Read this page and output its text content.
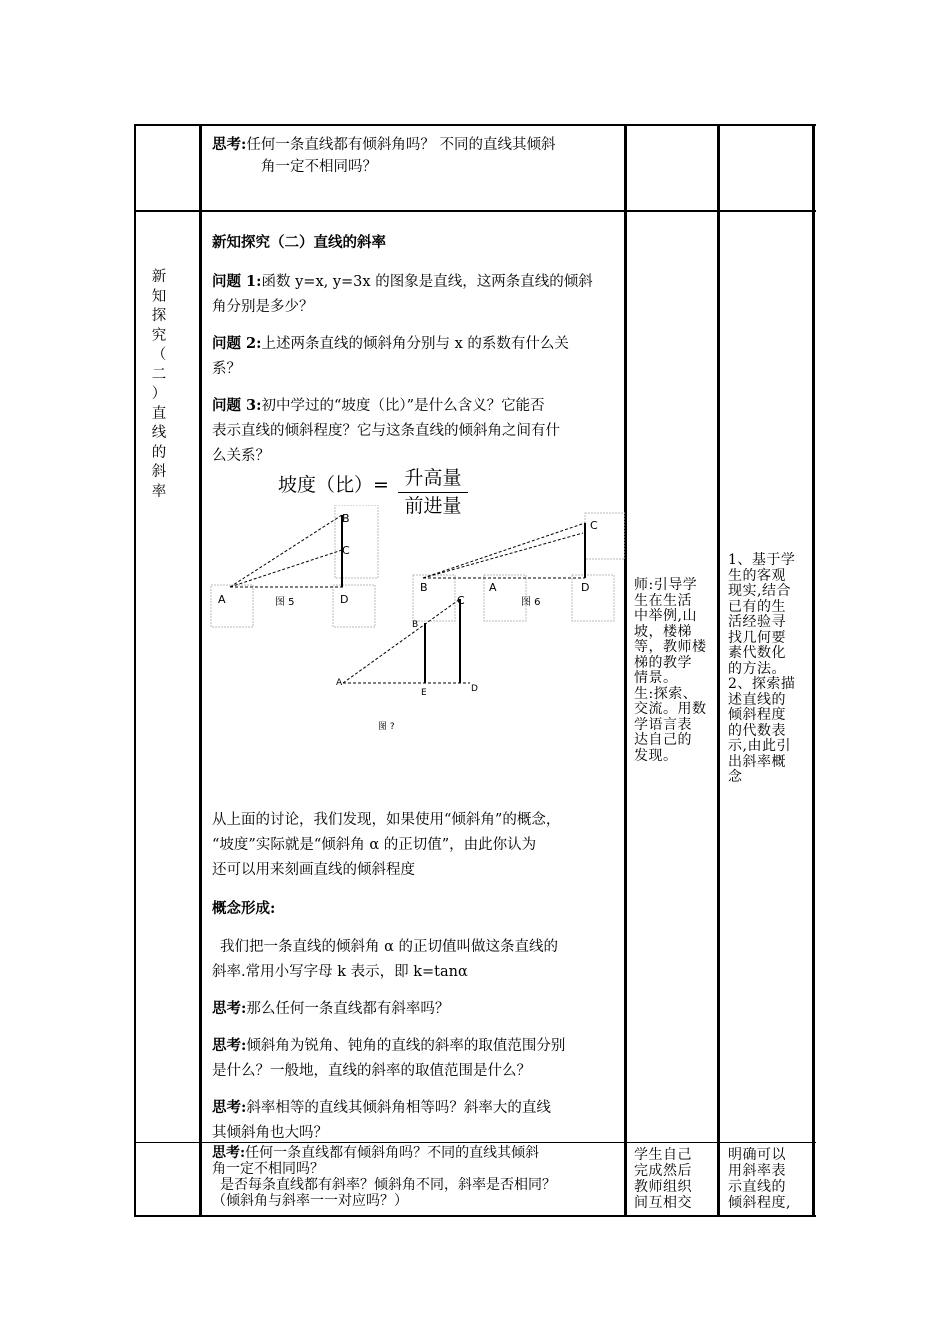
思考:任何一条直线都有倾斜角吗？ 不同的直线其倾斜

角一定不相同吗？

新
知
探
究
（
二
）
直
线
的
斜
率

新知探究（二）直线的斜率

问题 1:函数 y=x, y=3x 的图象是直线，这两条直线的倾斜

角分别是多少？

问题 2:上述两条直线的倾斜角分别与 x 的系数有什么关

系？

问题 3:初中学过的“坡度（比）”是什么含义？它能否

表示直线的倾斜程度？它与这条直线的倾斜角之间有什

么关系？

坡度（比）= 升高量
前进量
A
B
C
D
图 5
B	A
C
D
C
图 6
B
A
E	D
图 ?

从上面的讨论，我们发现，如果使用“倾斜角”的概念，

“坡度”实际就是“倾斜角 α 的正切值”，由此你认为

还可以用来刻画直线的倾斜程度

概念形成:

我们把一条直线的倾斜角 α 的正切值叫做这条直线的

斜率.常用小写字母 k 表示，即 k=tanα

思考:那么任何一条直线都有斜率吗？

思考:倾斜角为锐角、钝角的直线的斜率的取值范围分别

是什么？一般地，直线的斜率的取值范围是什么？

思考:斜率相等的直线其倾斜角相等吗？斜率大的直线

其倾斜角也大吗？

师:引导学
生在生活
中举例,山
坡，楼梯
等，教师楼
梯的教学
情景。
生:探索、
交流。用数
学语言表
达自己的
发现。
1、基于学
生的客观
现实,结合
已有的生
活经验寻
找几何要
素代数化
的方法。
2、探索描
述直线的
倾斜程度
的代数表
示,由此引
出斜率概
念

思考:任何一条直线都有倾斜角吗？不同的直线其倾斜

角一定不相同吗？

是否每条直线都有斜率？倾斜角不同，斜率是否相同？

（倾斜角与斜率一一对应吗？）

学生自己
完成然后
教师组织
间互相交
明确可以
用斜率表
示直线的
倾斜程度,
